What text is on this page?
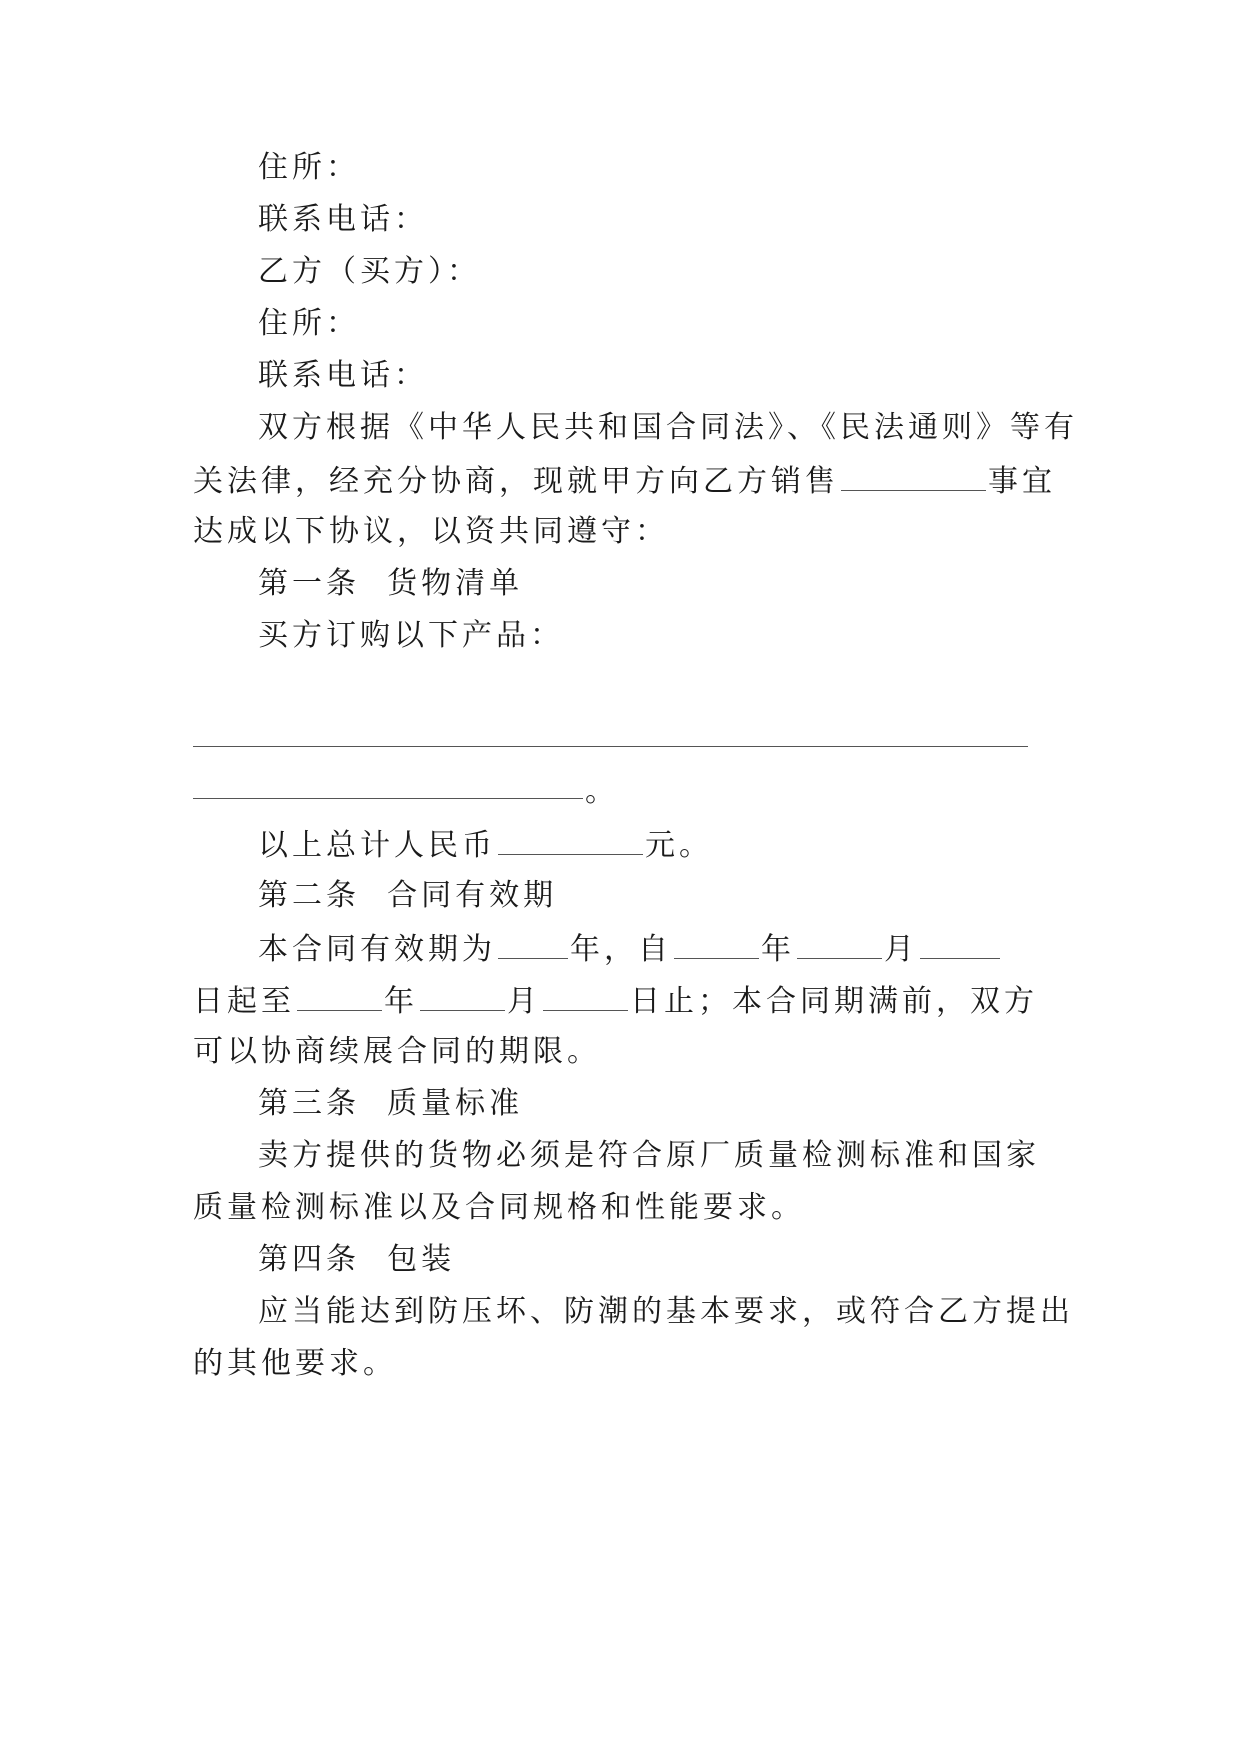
住所：
联系电话：
乙方（买方）：
住所：
联系电话：
双方根据《中华人民共和国合同法》、《民法通则》等有
关法律，经充分协商，现就甲方向乙方销售	事宜
达成以下协议，以资共同遵守：
第一条  货物清单
买方订购以下产品：
。
以上总计人民币	元。
第二条  合同有效期
本合同有效期为 年，自	年	月
日起至	年	月	日止；本合同期满前，双方
可以协商续展合同的期限。
第三条  质量标准
卖方提供的货物必须是符合原厂质量检测标准和国家
质量检测标准以及合同规格和性能要求。
第四条  包装
应当能达到防压坏、防潮的基本要求，或符合乙方提出
的其他要求。
